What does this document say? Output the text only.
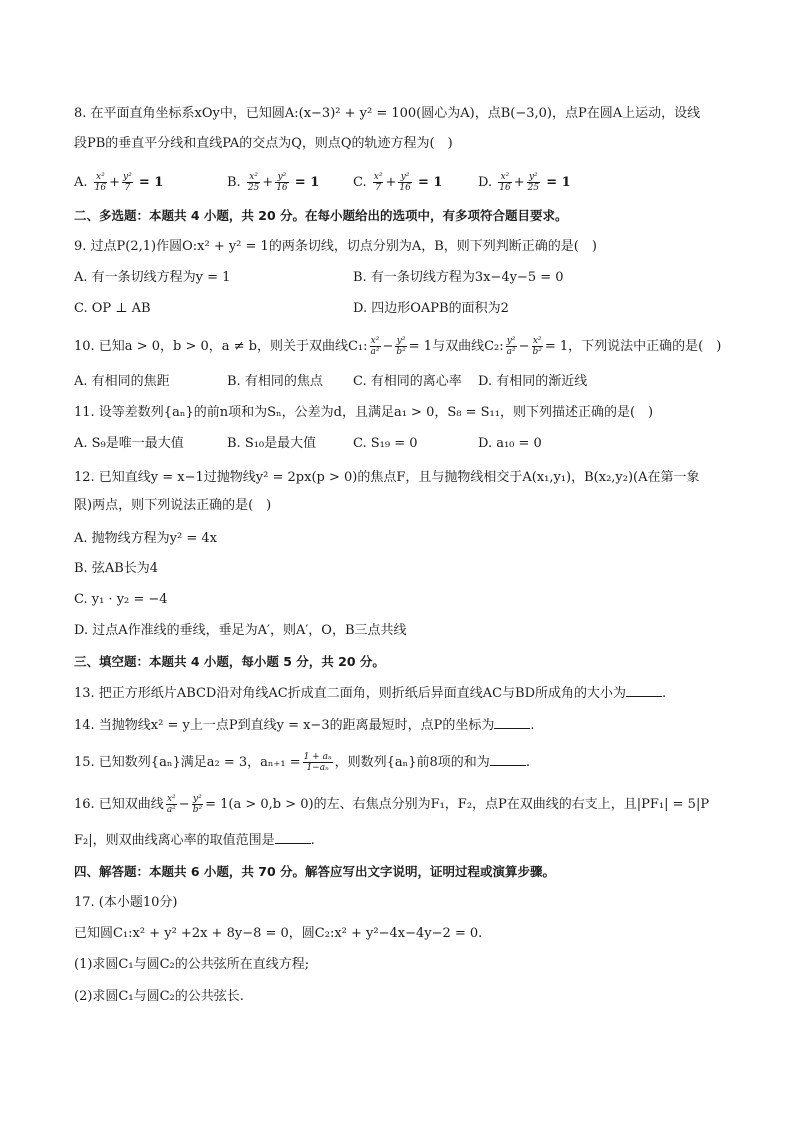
8. 在平面直角坐标系xOy中，已知圆A:(x−3)² + y² = 100(圆心为A)，点B(−3,0)，点P在圆A上运动，设线
段PB的垂直平分线和直线PA的交点为Q，则点Q的轨迹方程为(　)
A. $\frac{\text{x²}}{16} + \frac{\text{y²}}{7} = 1$	B. $\frac{\text{x²}}{25} + \frac{\text{y²}}{16} = 1$	C. $\frac{\text{x²}}{7} + \frac{\text{y²}}{16} = 1$	D. $\frac{\text{x²}}{16} + \frac{\text{y²}}{25} = 1$
二、多选题：本题共 4 小题，共 20 分。在每小题给出的选项中，有多项符合题目要求。
9. 过点P(2,1)作圆O:x² + y² = 1的两条切线，切点分别为A，B，则下列判断正确的是(　)
A. 有一条切线方程为y = 1	B. 有一条切线方程为3x−4y−5 = 0
C. OP ⊥ AB	D. 四边形OAPB的面积为2
10. 已知a > 0，b > 0，a ≠ b，则关于双曲线C₁: $\frac{\text{x²}}{\text{a²}} - \frac{\text{y²}}{\text{b²}} = 1$与双曲线C₂: $\frac{\text{y²}}{\text{a²}} - \frac{\text{x²}}{\text{b²}} = 1$，下列说法中正确的是(　)
A. 有相同的焦距	B. 有相同的焦点 C. 有相同的离心率 D. 有相同的渐近线
11. 设等差数列{aₙ}的前n项和为Sₙ，公差为d，且满足a₁ > 0，S₈ = S₁₁，则下列描述正确的是(　)
A. S₉是唯一最大值	B. S₁₀是最大值	C. S₁₉ = 0	D. a₁₀ = 0
12. 已知直线y = x−1过抛物线y² = 2px(p > 0)的焦点F，且与抛物线相交于A(x₁,y₁)，B(x₂,y₂)(A在第一象
限)两点，则下列说法正确的是(　)
A. 抛物线方程为y² = 4x
B. 弦AB长为4
C. y₁ · y₂ = −4
D. 过点A作准线的垂线，垂足为A′，则A′，O，B三点共线
三、填空题：本题共 4 小题，每小题 5 分，共 20 分。
13. 把正方形纸片ABCD沿对角线AC折成直二面角，则折纸后异面直线AC与BD所成角的大小为	.
14. 当抛物线x² = y上一点P到直线y = x−3的距离最短时，点P的坐标为	.
15. 已知数列{aₙ}满足a₂ = 3，$a_{n+1} = \frac{\text{1 + aₙ}}{\text{1−aₙ}}$ ，则数列{aₙ}前8项的和为	.
16. 已知双曲线 $\frac{\text{x²}}{\text{a²}} - \frac{\text{y²}}{\text{b²}} = 1(a > 0,b > 0)$的左、右焦点分别为F₁，F₂，点P在双曲线的右支上，且|PF₁| = 5|P
F₂|，则双曲线离心率的取值范围是	.
四、解答题：本题共 6 小题，共 70 分。解答应写出文字说明，证明过程或演算步骤。
17. (本小题10分)
已知圆C₁:x² + y² +2x + 8y−8 = 0，圆C₂:x² + y²−4x−4y−2 = 0.
(1)求圆C₁与圆C₂的公共弦所在直线方程;
(2)求圆C₁与圆C₂的公共弦长.
